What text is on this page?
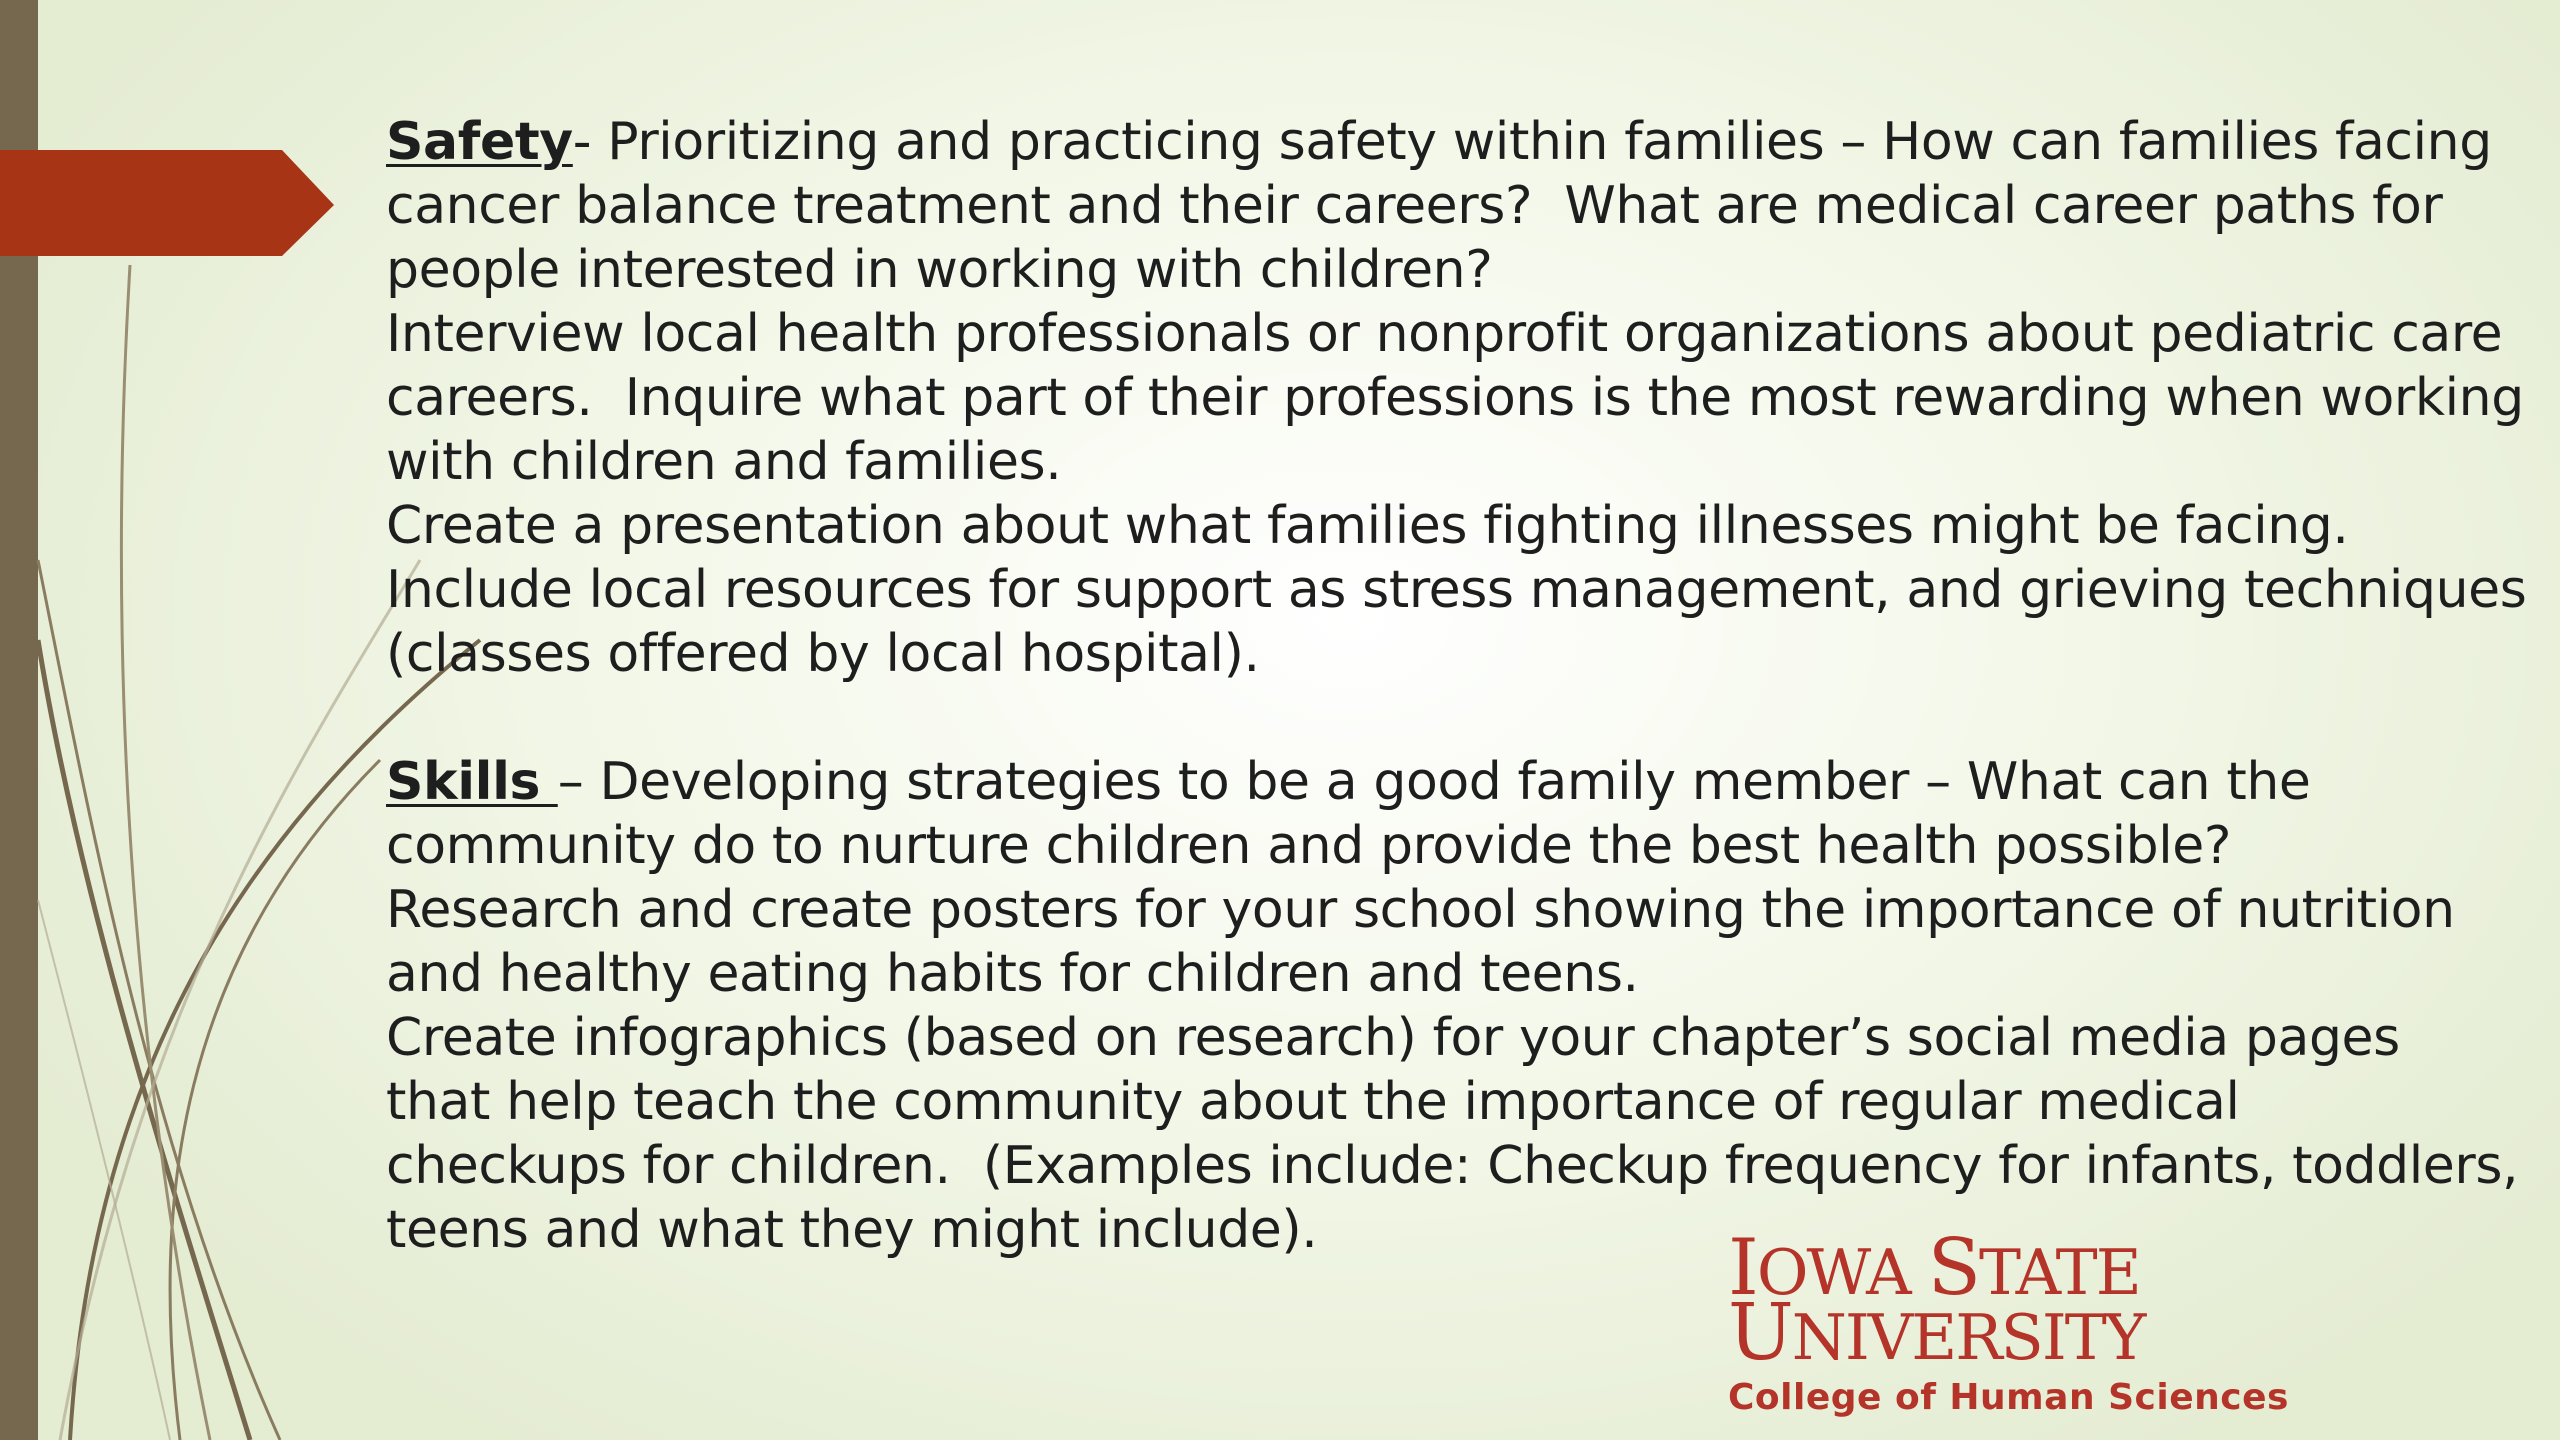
Safety- Prioritizing and practicing safety within families – How can families facing
cancer balance treatment and their careers?  What are medical career paths for
people interested in working with children?
Interview local health professionals or nonprofit organizations about pediatric care
careers.  Inquire what part of their professions is the most rewarding when working
with children and families.
Create a presentation about what families fighting illnesses might be facing.
Include local resources for support as stress management, and grieving techniques
(classes offered by local hospital).
Skills – Developing strategies to be a good family member – What can the
community do to nurture children and provide the best health possible?
Research and create posters for your school showing the importance of nutrition
and healthy eating habits for children and teens.
Create infographics (based on research) for your chapter’s social media pages
that help teach the community about the importance of regular medical
checkups for children.  (Examples include: Checkup frequency for infants, toddlers,
teens and what they might include).	IOWA STATE
UNIVERSITY
College of Human Sciences
